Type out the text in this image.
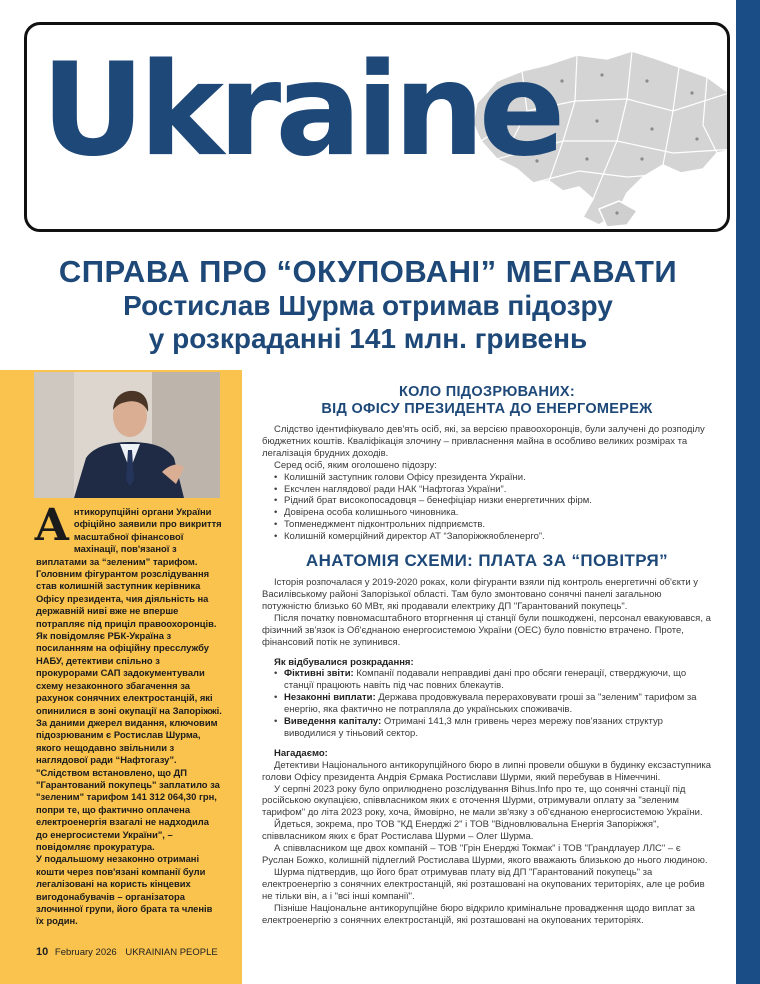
Ukraine
СПРАВА ПРО “ОКУПОВАНІ” МЕГАВАТИ
Ростислав Шурма отримав підозру
у розкраданні 141 млн. гривень

Антикорупційні органи України офіційно заявили про викриття масштабної фінансової махінації, пов'язаної з виплатами за “зеленим” тарифом. Головним фігурантом розслідування став колишній заступник керівника Офісу президента, чия діяльність на державній ниві вже не вперше потрапляє під приціл правоохоронців.

Як повідомляє РБК-Україна з посиланням на офіційну пресслужбу НАБУ, детективи спільно з прокурорами САП задокументували схему незаконного збагачення за рахунок сонячних електростанцій, які опинилися в зоні окупації на Запоріжжі. За даними джерел видання, ключовим підозрюваним є Ростислав Шурма, якого нещодавно звільнили з наглядової ради “Нафтогазу”.

"Слідством встановлено, що ДП "Гарантований покупець" заплатило за "зеленим" тарифом 141 312 064,30 грн, попри те, що фактично оплачена електроенергія взагалі не надходила до енергосистеми України", – повідомляє прокуратура.

У подальшому незаконно отримані кошти через пов'язані компанії були легалізовані на користь кінцевих вигодонабувачів – організатора злочинної групи, його брата та членів їх родин.

10 February 2026 UKRAINIAN PEOPLE
КОЛО ПІДОЗРЮВАНИХ:
ВІД ОФІСУ ПРЕЗИДЕНТА ДО ЕНЕРГОМЕРЕЖ

Слідство ідентифікувало дев'ять осіб, які, за версією правоохоронців, були залучені до розподілу бюджетних коштів. Кваліфікація злочину – привласнення майна в особливо великих розмірах та легалізація брудних доходів.

Серед осіб, яким оголошено підозру:

• Колишній заступник голови Офісу президента України.
• Ексчлен наглядової ради НАК “Нафтогаз України”.
• Рідний брат високопосадовця – бенефіціар низки енергетичних фірм.
• Довірена особа колишнього чиновника.
• Топменеджмент підконтрольних підприємств.
• Колишній комерційний директор АТ “Запоріжжяобленерго”.
АНАТОМІЯ СХЕМИ: ПЛАТА ЗА “ПОВІТРЯ”

Історія розпочалася у 2019-2020 роках, коли фігуранти взяли під контроль енергетичні об'єкти у Василівському районі Запорізької області. Там було змонтовано сонячні панелі загальною потужністю близько 60 МВт, які продавали електрику ДП "Гарантований покупець".

Після початку повномасштабного вторгнення ці станції були пошкоджені, персонал евакуювався, а фізичний зв'язок із Об'єднаною енергосистемою України (ОЕС) було повністю втрачено. Проте, фінансовий потік не зупинився.

Як відбувалися розкрадання:
• Фіктивні звіти: Компанії подавали неправдиві дані про обсяги генерації, стверджуючи, що станції працюють навіть під час повних блекаутів.
• Незаконні виплати: Держава продовжувала перераховувати гроші за "зеленим" тарифом за енергію, яка фактично не потрапляла до українських споживачів.
• Виведення капіталу: Отримані 141,3 млн гривень через мережу пов'язаних структур виводилися у тіньовий сектор.
Нагадаємо:

Детективи Національного антикорупційного бюро в липні провели обшуки в будинку ексзаступника голови Офісу президента Андрія Єрмака Ростислави Шурми, який перебував в Німеччині.

У серпні 2023 року було оприлюднено розслідування Bihus.Info про те, що сонячні станції під російською окупацією, співвласником яких є оточення Шурми, отримували оплату за "зеленим тарифом" до літа 2023 року, хоча, ймовірно, не мали зв'язку з об'єднаною енергосистемою України.

Йдеться, зокрема, про ТОВ "КД Енерджі 2" і ТОВ "Відновлювальна Енергія Запоріжжя", співвласником яких є брат Ростислава Шурми – Олег Шурма.

А співвласником ще двох компаній – ТОВ "Грін Енерджі Токмак" і ТОВ "Грандлауер ЛЛС" – є Руслан Божко, колишній підлеглий Ростислава Шурми, якого вважають близькою до нього людиною.

Шурма підтвердив, що його брат отримував плату від ДП "Гарантований покупець" за електроенергію з сонячних електростанцій, які розташовані на окупованих територіях, але це робив не тільки він, а і "всі інші компанії".

Пізніше Національне антикорупційне бюро відкрило кримінальне провадження щодо виплат за електроенергію з сонячних електростанцій, які розташовані на окупованих територіях.
